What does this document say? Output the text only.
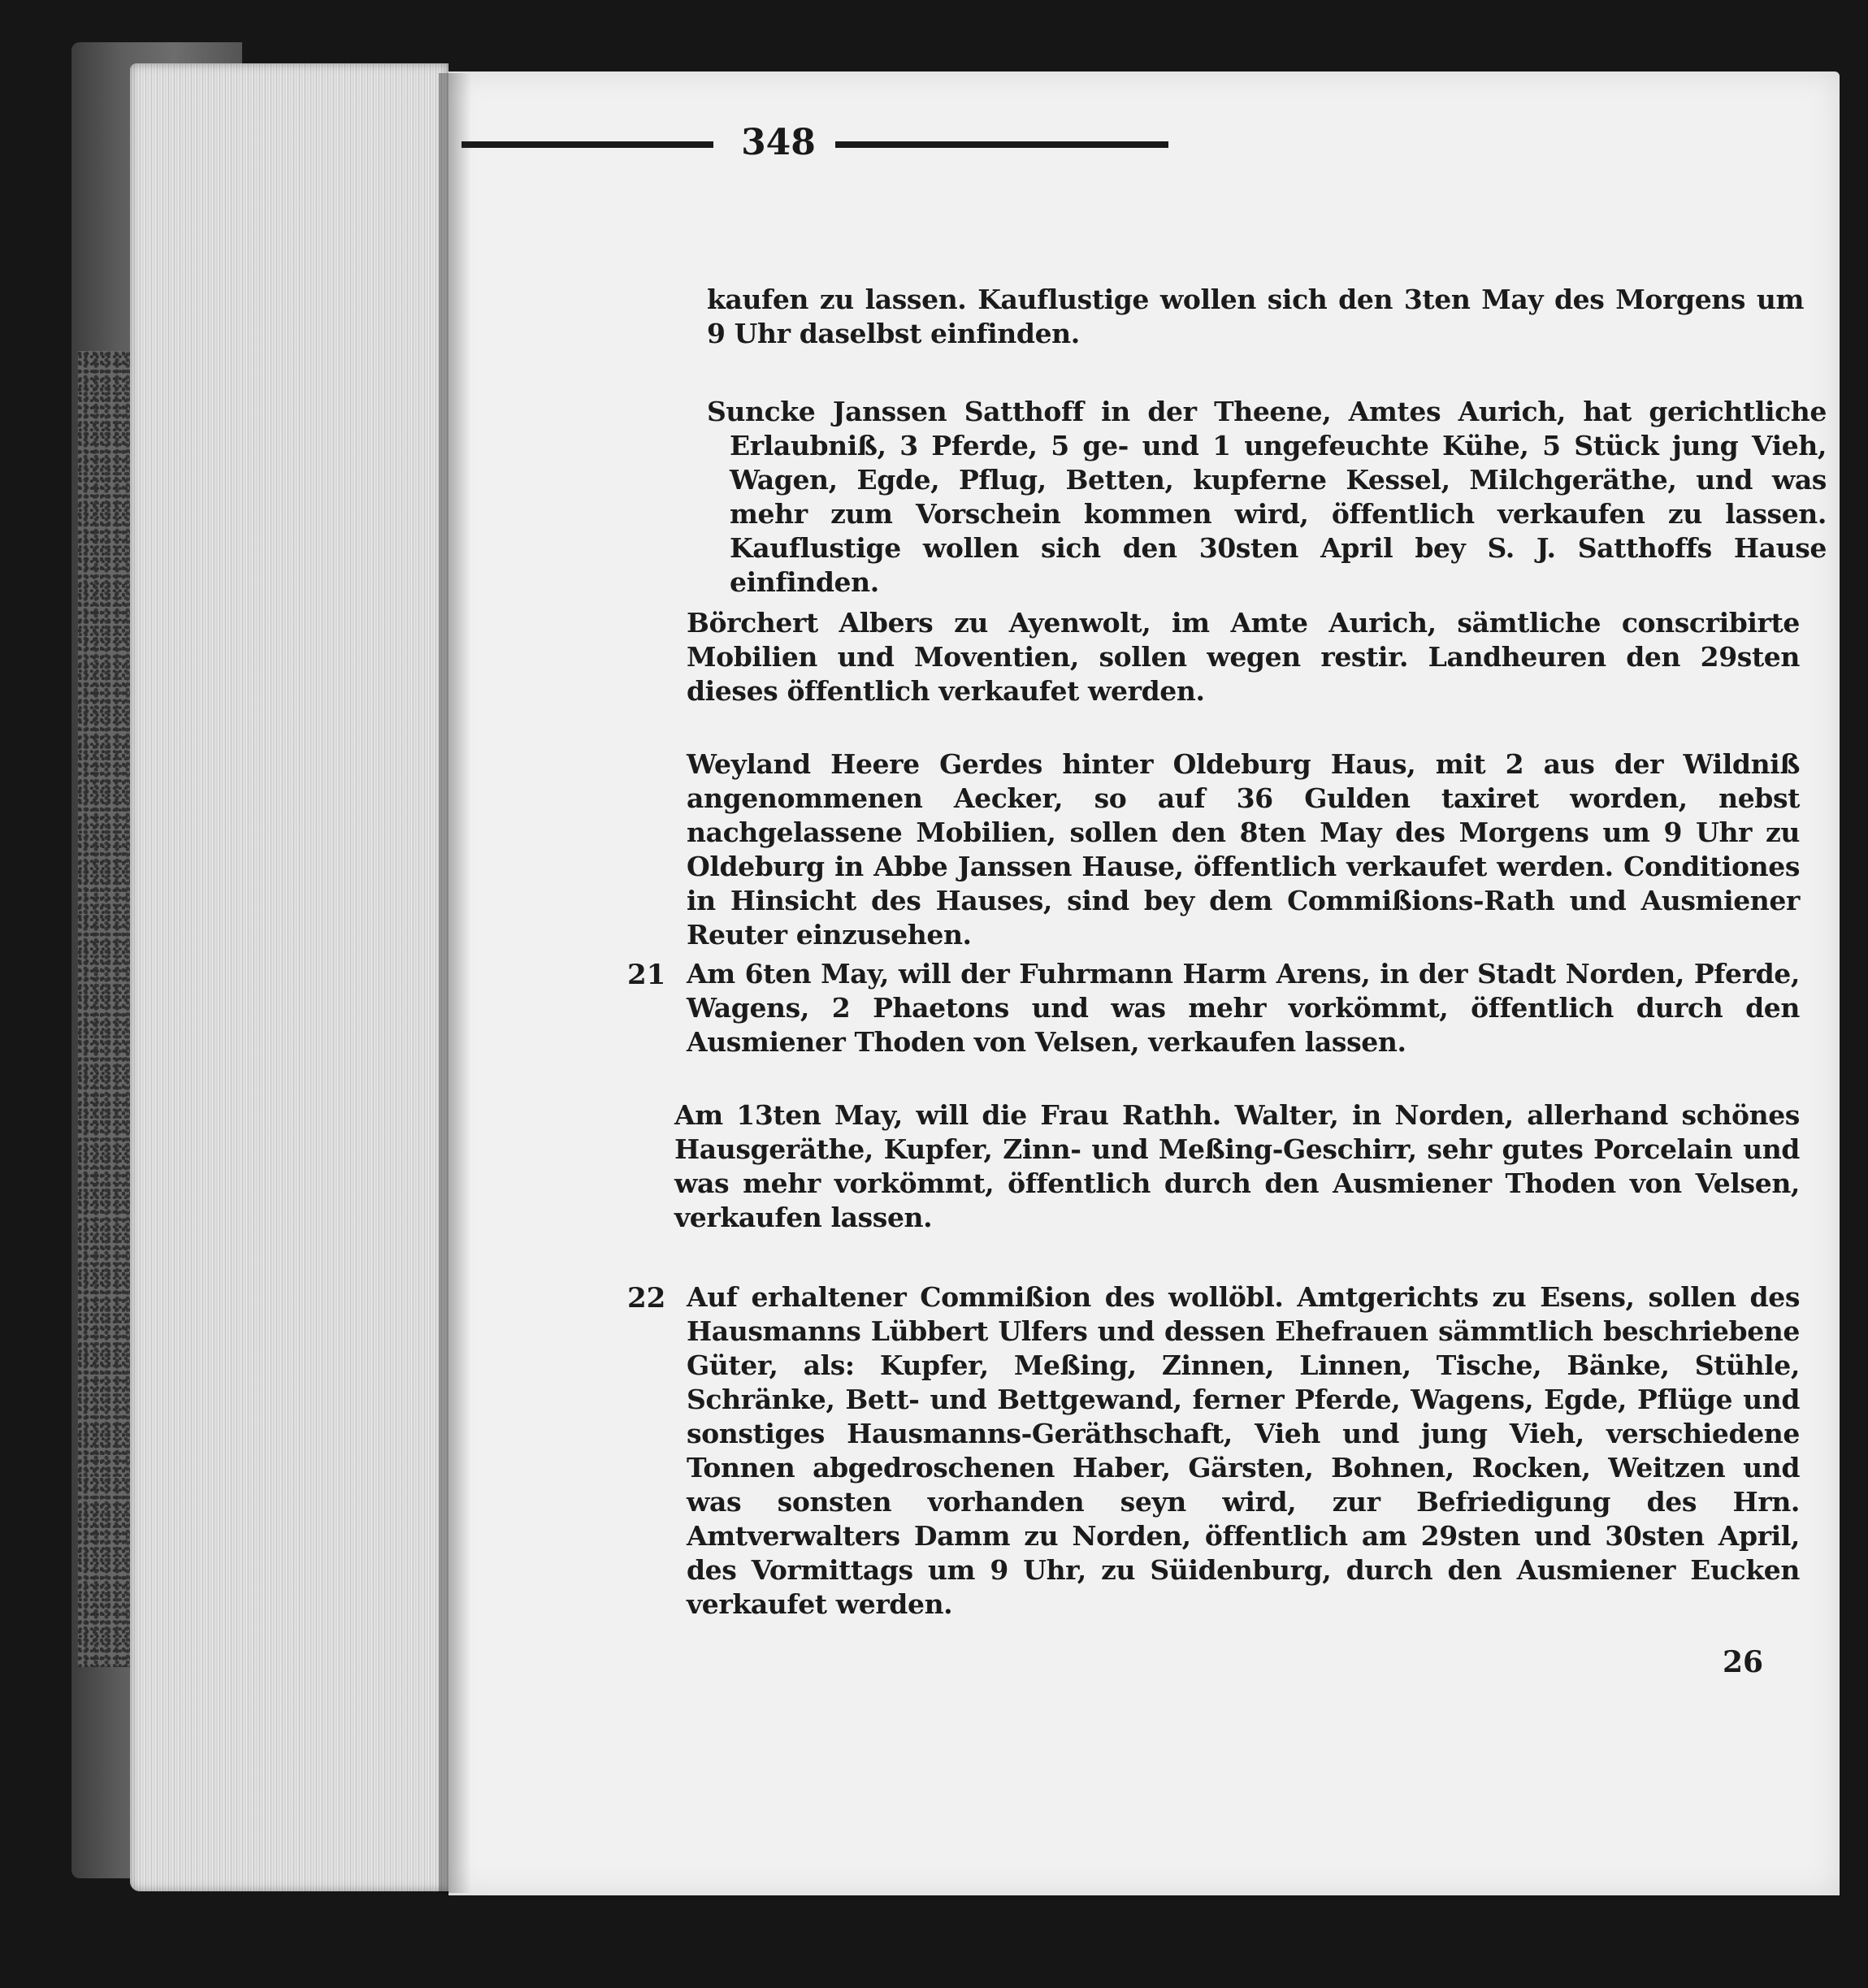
348

kaufen zu lassen. Kauflustige wollen sich den 3ten May des Morgens um 9 Uhr daselbst einfinden.

Suncke Janssen Satthoff in der Theene, Amtes Aurich, hat gerichtliche Erlaubniß, 3 Pferde, 5 ge- und 1 ungefeuchte Kühe, 5 Stück jung Vieh, Wagen, Egde, Pflug, Betten, kupferne Kessel, Milchgeräthe, und was mehr zum Vorschein kommen wird, öffentlich verkaufen zu lassen. Kauflustige wollen sich den 30sten April bey S. J. Satthoffs Hause einfinden.

Börchert Albers zu Ayenwolt, im Amte Aurich, sämtliche conscribirte Mobilien und Moventien, sollen wegen restir. Landheuren den 29sten dieses öffentlich verkaufet werden.

Weyland Heere Gerdes hinter Oldeburg Haus, mit 2 aus der Wildniß angenommenen Aecker, so auf 36 Gulden taxiret worden, nebst nachgelassene Mobilien, sollen den 8ten May des Morgens um 9 Uhr zu Oldeburg in Abbe Janssen Hause, öffentlich verkaufet werden. Conditiones in Hinsicht des Hauses, sind bey dem Commißions-Rath und Ausmiener Reuter einzusehen.

21 Am 6ten May, will der Fuhrmann Harm Arens, in der Stadt Norden, Pferde, Wagens, 2 Phaetons und was mehr vorkömmt, öffentlich durch den Ausmiener Thoden von Velsen, verkaufen lassen.

Am 13ten May, will die Frau Rathh. Walter, in Norden, allerhand schönes Hausgeräthe, Kupfer, Zinn- und Meßing-Geschirr, sehr gutes Porcelain und was mehr vorkömmt, öffentlich durch den Ausmiener Thoden von Velsen, verkaufen lassen.

22 Auf erhaltener Commißion des wollöbl. Amtgerichts zu Esens, sollen des Hausmanns Lübbert Ulfers und dessen Ehefrauen sämmtlich beschriebene Güter, als: Kupfer, Meßing, Zinnen, Linnen, Tische, Bänke, Stühle, Schränke, Bett- und Bettgewand, ferner Pferde, Wagens, Egde, Pflüge und sonstiges Hausmanns-Geräthschaft, Vieh und jung Vieh, verschiedene Tonnen abgedroschenen Haber, Gärsten, Bohnen, Rocken, Weitzen und was sonsten vorhanden seyn wird, zur Befriedigung des Hrn. Amtverwalters Damm zu Norden, öffentlich am 29sten und 30sten April, des Vormittags um 9 Uhr, zu Süidenburg, durch den Ausmiener Eucken verkaufet werden.

26
